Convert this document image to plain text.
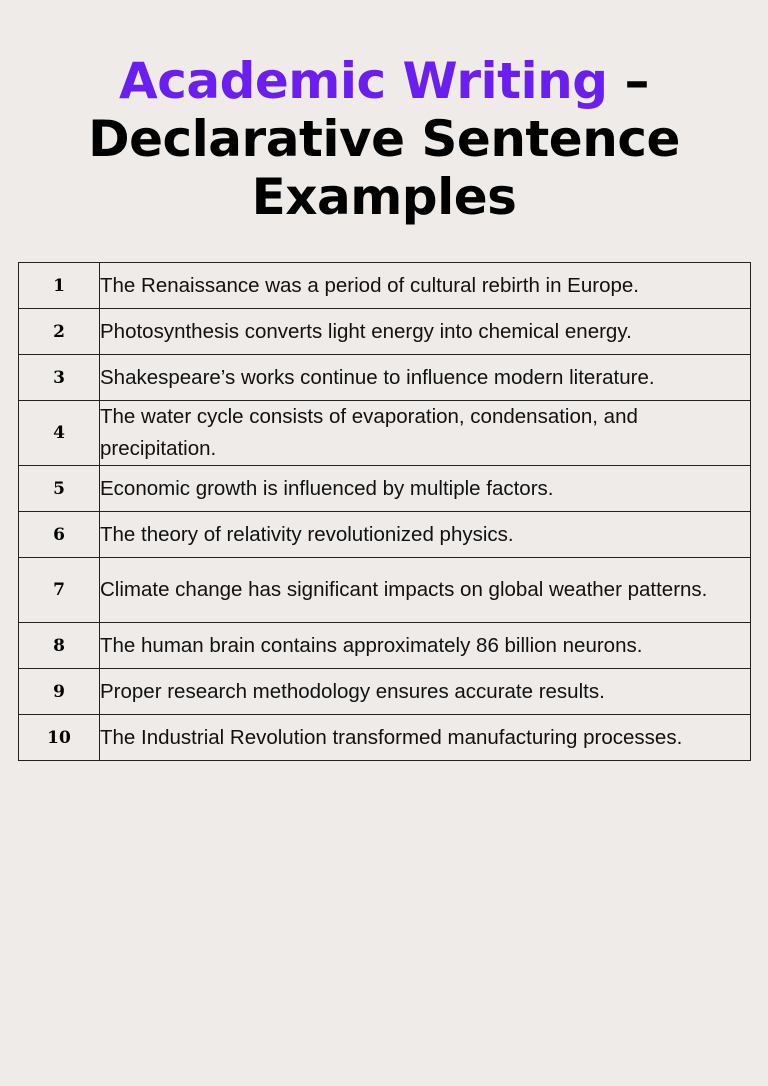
Academic Writing –
Declarative Sentence
Examples
1	The Renaissance was a period of cultural rebirth in Europe.
2	Photosynthesis converts light energy into chemical energy.
3	Shakespeare’s works continue to influence modern literature.
4	The water cycle consists of evaporation, condensation, and precipitation.
5	Economic growth is influenced by multiple factors.
6	The theory of relativity revolutionized physics.
7	Climate change has significant impacts on global weather patterns.
8	The human brain contains approximately 86 billion neurons.
9	Proper research methodology ensures accurate results.
10	The Industrial Revolution transformed manufacturing processes.
